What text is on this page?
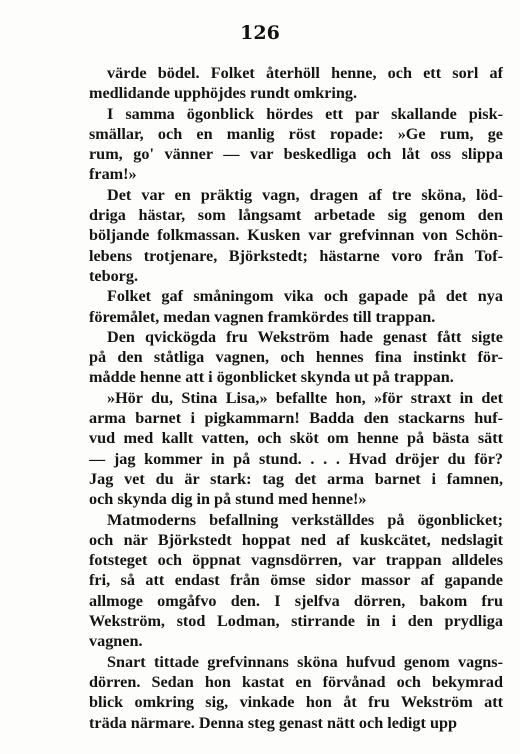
126

värde bödel. Folket återhöll henne, och ett sorl af
medlidande upphöjdes rundt omkring.
I samma ögonblick hördes ett par skallande pisk-
smällar, och en manlig röst ropade: »Ge rum, ge
rum, go' vänner — var beskedliga och låt oss slippa
fram!»
Det var en präktig vagn, dragen af tre sköna, löd-
driga hästar, som långsamt arbetade sig genom den
böljande folkmassan. Kusken var grefvinnan von Schön-
lebens trotjenare, Björkstedt; hästarne voro från Tof-
teborg.
Folket gaf småningom vika och gapade på det nya
föremålet, medan vagnen framkördes till trappan.
Den qvickögda fru Wekström hade genast fått sigte
på den ståtliga vagnen, och hennes fina instinkt för-
mådde henne att i ögonblicket skynda ut på trappan.
»Hör du, Stina Lisa,» befallte hon, »för straxt in det
arma barnet i pigkammarn! Badda den stackarns huf-
vud med kallt vatten, och sköt om henne på bästa sätt
— jag kommer in på stund. . . . Hvad dröjer du för?
Jag vet du är stark: tag det arma barnet i famnen,
och skynda dig in på stund med henne!»
Matmoderns befallning verkställdes på ögonblicket;
och när Björkstedt hoppat ned af kuskсätet, nedslagit
fotsteget och öppnat vagnsdörren, var trappan alldeles
fri, så att endast från ömse sidor massor af gapande
allmoge omgåfvo den. I sjelfva dörren, bakom fru
Wekström, stod Lodman, stirrande in i den prydliga
vagnen.
Snart tittade grefvinnans sköna hufvud genom vagns-
dörren. Sedan hon kastat en förvånad och bekymrad
blick omkring sig, vinkade hon åt fru Wekström att
träda närmare. Denna steg genast nätt och ledigt upp
